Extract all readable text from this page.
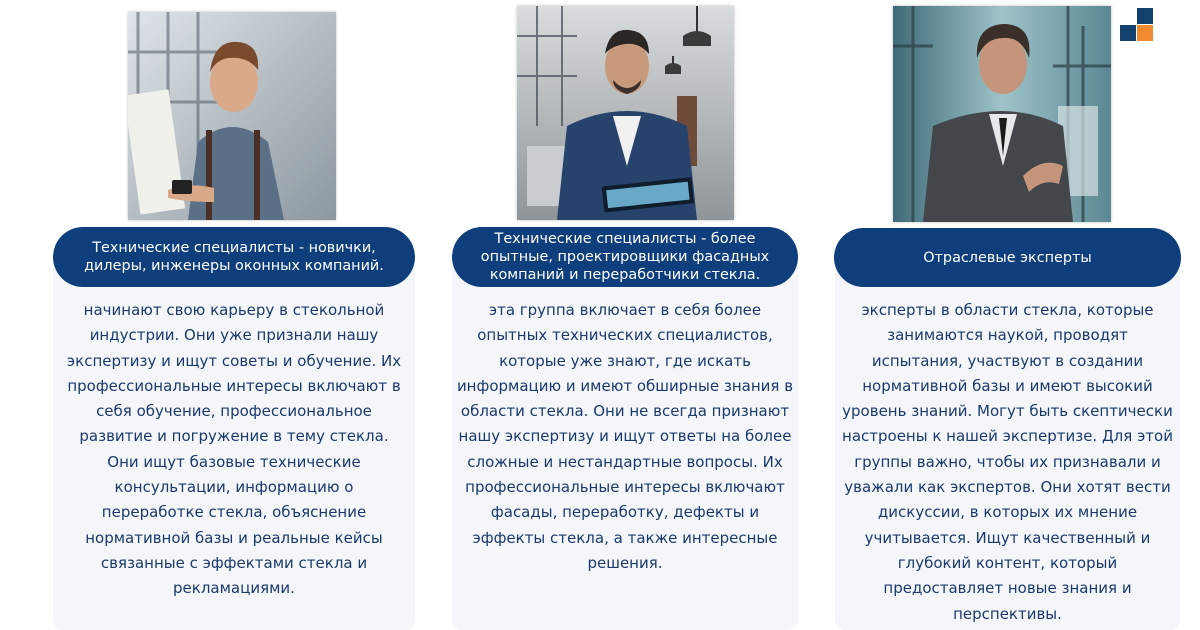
Технические специалисты - новички, дилеры, инженеры оконных компаний.

начинают свою карьеру в стекольной индустрии. Они уже признали нашу экспертизу и ищут советы и обучение. Их профессиональные интересы включают в себя обучение, профессиональное развитие и погружение в тему стекла. Они ищут базовые технические консультации, информацию о переработке стекла, объяснение нормативной базы и реальные кейсы связанные с эффектами стекла и рекламациями.

Технические специалисты - более опытные, проектировщики фасадных компаний и переработчики стекла.

эта группа включает в себя более опытных технических специалистов, которые уже знают, где искать информацию и имеют обширные знания в области стекла. Они не всегда признают нашу экспертизу и ищут ответы на более сложные и нестандартные вопросы. Их профессиональные интересы включают фасады, переработку, дефекты и эффекты стекла, а также интересные решения.

Отраслевые эксперты

эксперты в области стекла, которые занимаются наукой, проводят испытания, участвуют в создании нормативной базы и имеют высокий уровень знаний. Могут быть скептически настроены к нашей экспертизе. Для этой группы важно, чтобы их признавали и уважали как экспертов. Они хотят вести дискуссии, в которых их мнение учитывается. Ищут качественный и глубокий контент, который предоставляет новые знания и перспективы.
